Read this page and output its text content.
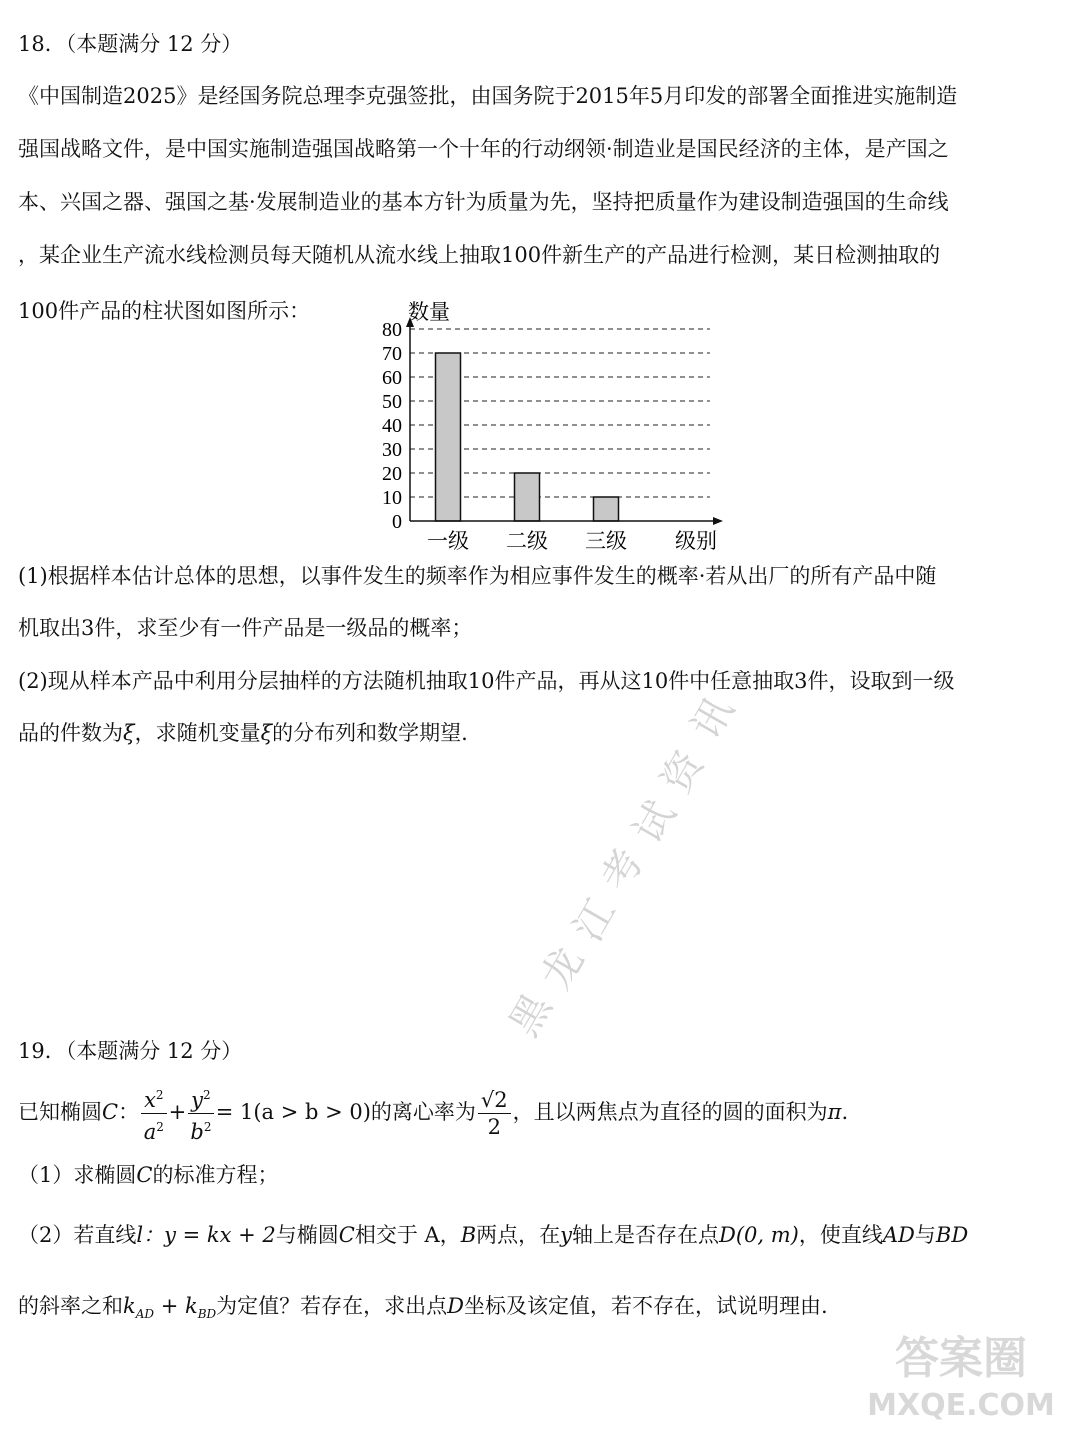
18．（本题满分 12 分）
《中国制造2025》是经国务院总理李克强签批，由国务院于2015年5月印发的部署全面推进实施制造
强国战略文件，是中国实施制造强国战略第一个十年的行动纲领·制造业是国民经济的主体，是产国之
本、兴国之器、强国之基·发展制造业的基本方针为质量为先，坚持把质量作为建设制造强国的生命线
，某企业生产流水线检测员每天随机从流水线上抽取100件新生产的产品进行检测，某日检测抽取的
100件产品的柱状图如图所示：
0
10
20
30
40
50
60
70
80
一级 二级 三级
数量
级别
(1)根据样本估计总体的思想，以事件发生的频率作为相应事件发生的概率·若从出厂的所有产品中随
机取出3件，求至少有一件产品是一级品的概率；
(2)现从样本产品中利用分层抽样的方法随机抽取10件产品，再从这10件中任意抽取3件，设取到一级
品的件数为ξ，求随机变量ξ的分布列和数学期望.	讯
资
试
考
江
龙
黑
19．（本题满分 12 分）
已知椭圆C： $\frac{x^2}{a^2} + \frac{y^2}{b^2} = 1(a > b > 0)$的离心率为 $\frac{√2}{2}$ ，且以两焦点为直径的圆的面积为π.
（1）求椭圆C的标准方程；
（2）若直线l：y = kx + 2与椭圆C相交于 A，B两点，在y轴上是否存在点D(0, m)，使直线AD与BD
的斜率之和$k_{AD} + k_{BD}$为定值？若存在，求出点D坐标及该定值，若不存在，试说明理由.
答案圈
MXQE.COM
